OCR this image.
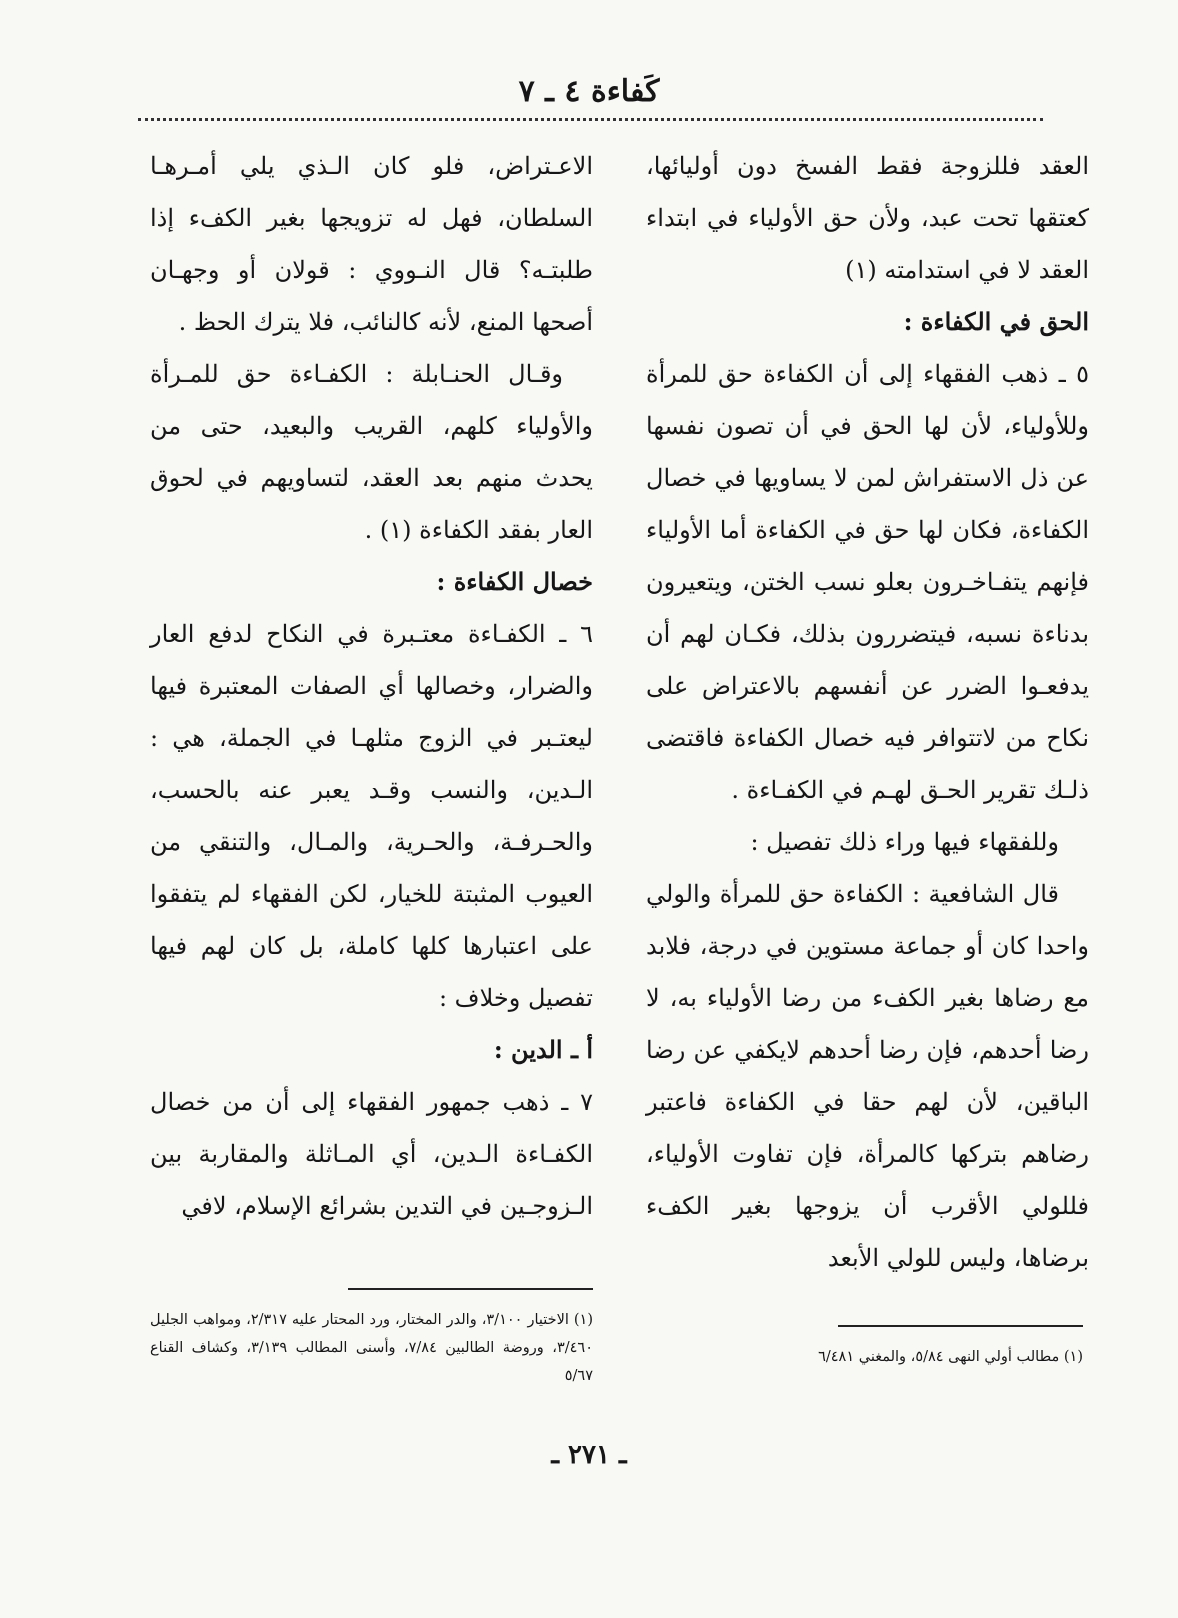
كَفاءة ٤ ـ ٧

العقد فللزوجة فقط الفسخ دون أوليائها، كعتقها تحت عبد، ولأن حق الأولياء في ابتداء العقد لا في استدامته (١)

الحق في الكفاءة :

٥ ـ ذهب الفقهاء إلى أن الكفاءة حق للمرأة وللأولياء، لأن لها الحق في أن تصون نفسها عن ذل الاستفراش لمن لا يساويها في خصال الكفاءة، فكان لها حق في الكفاءة أما الأولياء فإنهم يتفـاخـرون بعلو نسب الختن، ويتعيرون بدناءة نسبه، فيتضررون بذلك، فكـان لهم أن يدفعـوا الضرر عن أنفسهم بالاعتراض على نكاح من لاتتوافر فيه خصال الكفاءة فاقتضى ذلـك تقرير الحـق لهـم في الكفـاءة .

وللفقهاء فيها وراء ذلك تفصيل :

قال الشافعية : الكفاءة حق للمرأة والولي واحدا كان أو جماعة مستوين في درجة، فلابد مع رضاها بغير الكفء من رضا الأولياء به، لا رضا أحدهم، فإن رضا أحدهم لايكفي عن رضا الباقين، لأن لهم حقا في الكفاءة فاعتبر رضاهم بتركها كالمرأة، فإن تفاوت الأولياء، فللولي الأقرب أن يزوجها بغير الكفء برضاها، وليس للولي الأبعد

الاعـتراض، فلو كان الـذي يلي أمـرهـا السلطان، فهل له تزويجها بغير الكفء إذا طلبتـه؟ قال النـووي : قولان أو وجهـان أصحها المنع، لأنه كالنائب، فلا يترك الحظ .

وقـال الحنـابلة : الكفـاءة حق للمـرأة والأولياء كلهم، القريب والبعيد، حتى من يحدث منهم بعد العقد، لتساويهم في لحوق العار بفقد الكفاءة (١) .

خصال الكفاءة :

٦ ـ الكفـاءة معتـبرة في النكاح لدفع العار والضرار، وخصالها أي الصفات المعتبرة فيها ليعتـبر في الزوج مثلهـا في الجملة، هي : الـدين، والنسب وقـد يعبر عنه بالحسب، والحـرفـة، والحـرية، والمـال، والتنقي من العيوب المثبتة للخيار، لكن الفقهاء لم يتفقوا على اعتبارها كلها كاملة، بل كان لهم فيها تفصيل وخلاف :

أ ـ الدين :

٧ ـ ذهب جمهور الفقهاء إلى أن من خصال الكفـاءة الـدين، أي المـاثلة والمقاربة بين الـزوجـين في التدين بشرائع الإسلام، لافي

(١) مطالب أولي النهى ٥/٨٤، والمغني ٦/٤٨١
(١) الاختيار ٣/١٠٠، والدر المختار، ورد المحتار عليه ٢/٣١٧، ومواهب الجليل ٣/٤٦٠، وروضة الطالبين ٧/٨٤، وأسنى المطالب ٣/١٣٩، وكشاف القناع ٥/٦٧
ـ ٢٧١ ـ
